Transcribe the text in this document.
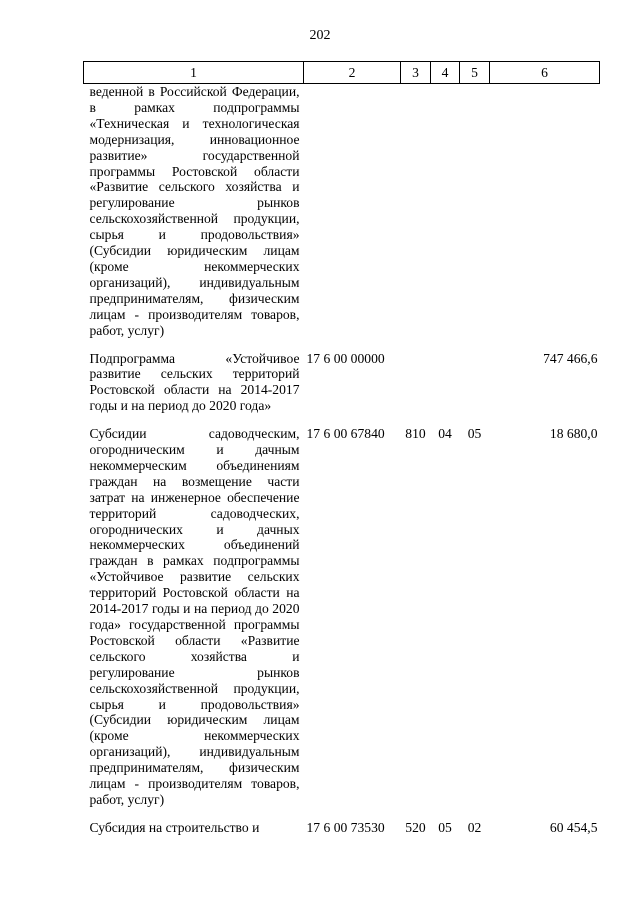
202
1	2	3	4	5	6
веденной в Российской Федерации, в рамках подпрограммы «Техническая и технологическая модернизация, инновационное развитие» государственной программы Ростовской области «Развитие сельского хозяйства и регулирование рынков сельскохозяйственной продукции, сырья и продовольствия» (Субсидии юридическим лицам (кроме некоммерческих организаций), индивидуальным предпринимателям, физическим лицам - производителям товаров, работ, услуг)					
Подпрограмма «Устойчивое развитие сельских территорий Ростовской области на 2014-2017 годы и на период до 2020 года»	17 6 00 00000				747 466,6
Субсидии садоводческим, огородническим и дачным некоммерческим объединениям граждан на возмещение части затрат на инженерное обеспечение территорий садоводческих, огороднических и дачных некоммерческих объединений граждан в рамках подпрограммы «Устойчивое развитие сельских территорий Ростовской области на 2014-2017 годы и на период до 2020 года» государственной программы Ростовской области «Развитие сельского хозяйства и регулирование рынков сельскохозяйственной продукции, сырья и продовольствия» (Субсидии юридическим лицам (кроме некоммерческих организаций), индивидуальным предпринимателям, физическим лицам - производителям товаров, работ, услуг)	17 6 00 67840	810	04	05	18 680,0
Субсидия на строительство и	17 6 00 73530	520	05	02	60 454,5
